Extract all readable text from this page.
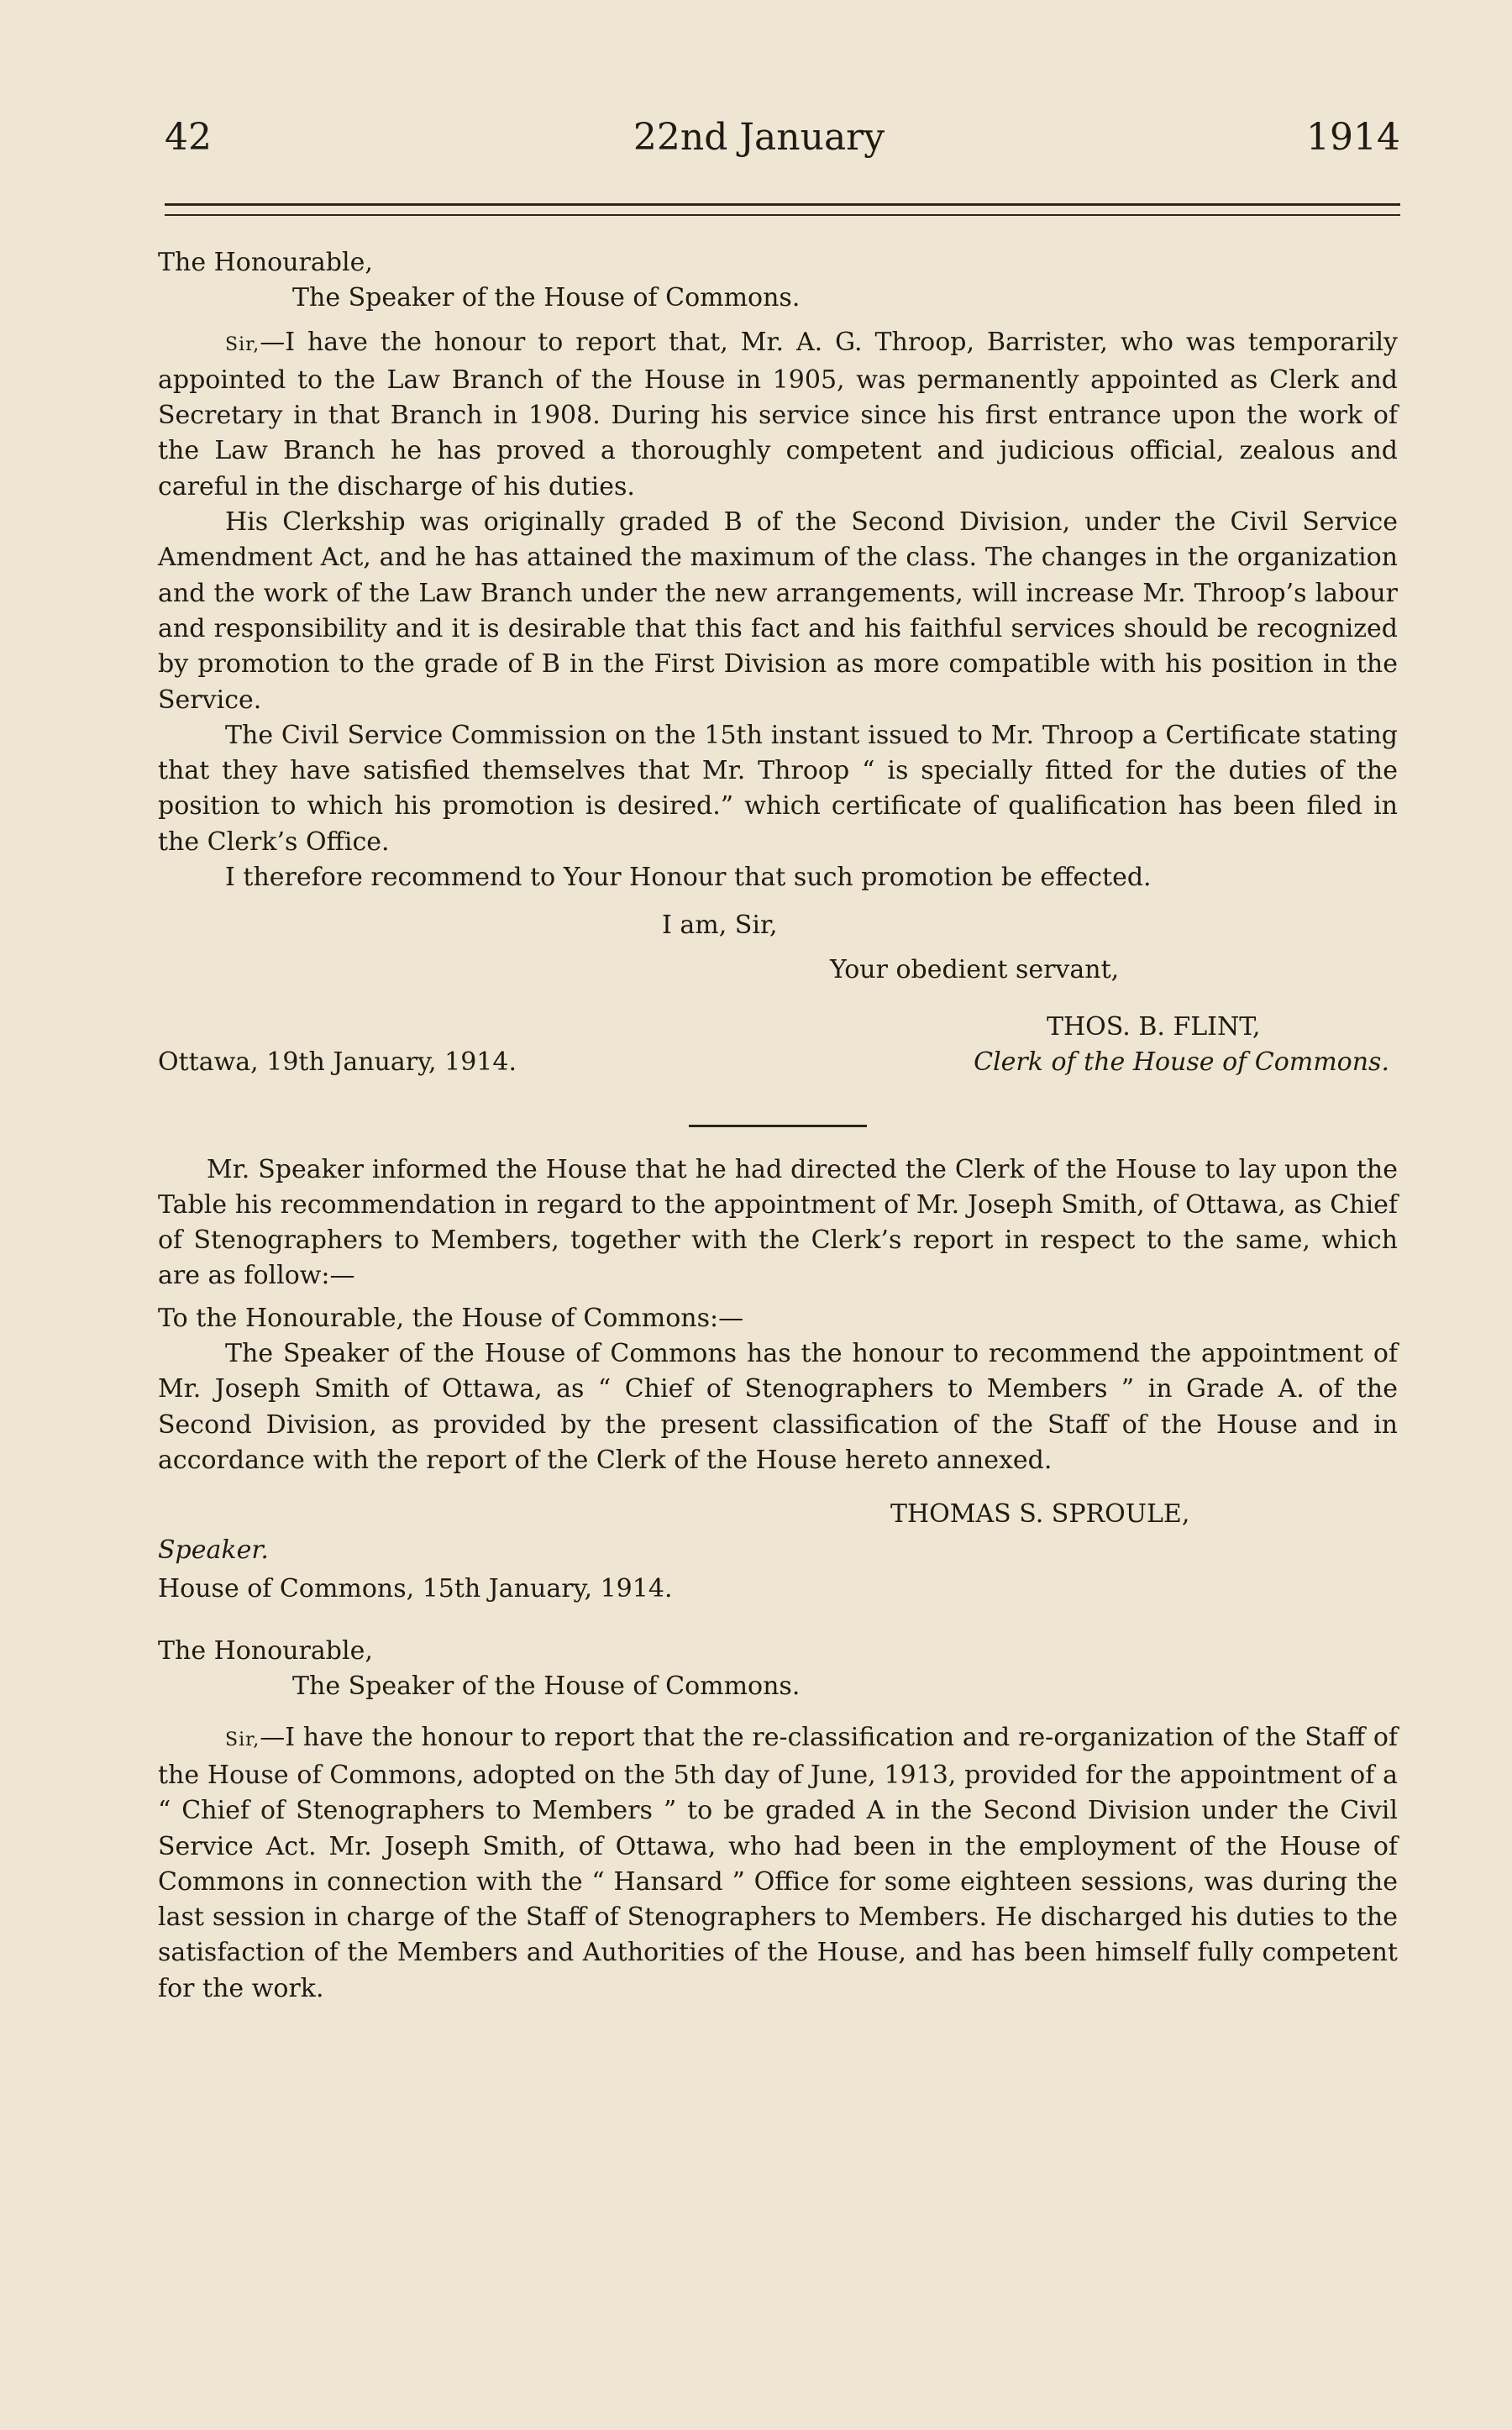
42	22nd January	1914

The Honourable,

The Speaker of the House of Commons.

Sir,—I have the honour to report that, Mr. A. G. Throop, Barrister, who was temporarily appointed to the Law Branch of the House in 1905, was permanently appointed as Clerk and Secretary in that Branch in 1908. During his service since his first entrance upon the work of the Law Branch he has proved a thoroughly competent and judicious official, zealous and careful in the discharge of his duties.

His Clerkship was originally graded B of the Second Division, under the Civil Service Amendment Act, and he has attained the maximum of the class. The changes in the organization and the work of the Law Branch under the new arrangements, will increase Mr. Throop’s labour and responsibility and it is desirable that this fact and his faithful services should be recognized by promotion to the grade of B in the First Division as more compatible with his position in the Service.

The Civil Service Commission on the 15th instant issued to Mr. Throop a Certificate stating that they have satisfied themselves that Mr. Throop “ is specially fitted for the duties of the position to which his promotion is desired.” which certificate of qualification has been filed in the Clerk’s Office.

I therefore recommend to Your Honour that such promotion be effected.

I am, Sir,

Your obedient servant,

THOS. B. FLINT,

Ottawa, 19th January, 1914.	Clerk of the House of Commons.

Mr. Speaker informed the House that he had directed the Clerk of the House to lay upon the Table his recommendation in regard to the appointment of Mr. Joseph Smith, of Ottawa, as Chief of Stenographers to Members, together with the Clerk’s report in respect to the same, which are as follow:—

To the Honourable, the House of Commons:—

The Speaker of the House of Commons has the honour to recommend the appointment of Mr. Joseph Smith of Ottawa, as “ Chief of Stenographers to Members ” in Grade A. of the Second Division, as provided by the present classification of the Staff of the House and in accordance with the report of the Clerk of the House hereto annexed.

THOMAS S. SPROULE,

Speaker.

House of Commons, 15th January, 1914.

The Honourable,

The Speaker of the House of Commons.

Sir,—I have the honour to report that the re-classification and re-organization of the Staff of the House of Commons, adopted on the 5th day of June, 1913, provided for the appointment of a “ Chief of Stenographers to Members ” to be graded A in the Second Division under the Civil Service Act. Mr. Joseph Smith, of Ottawa, who had been in the employment of the House of Commons in connection with the “ Hansard ” Office for some eighteen sessions, was during the last session in charge of the Staff of Stenographers to Members. He discharged his duties to the satisfaction of the Members and Authorities of the House, and has been himself fully competent for the work.
